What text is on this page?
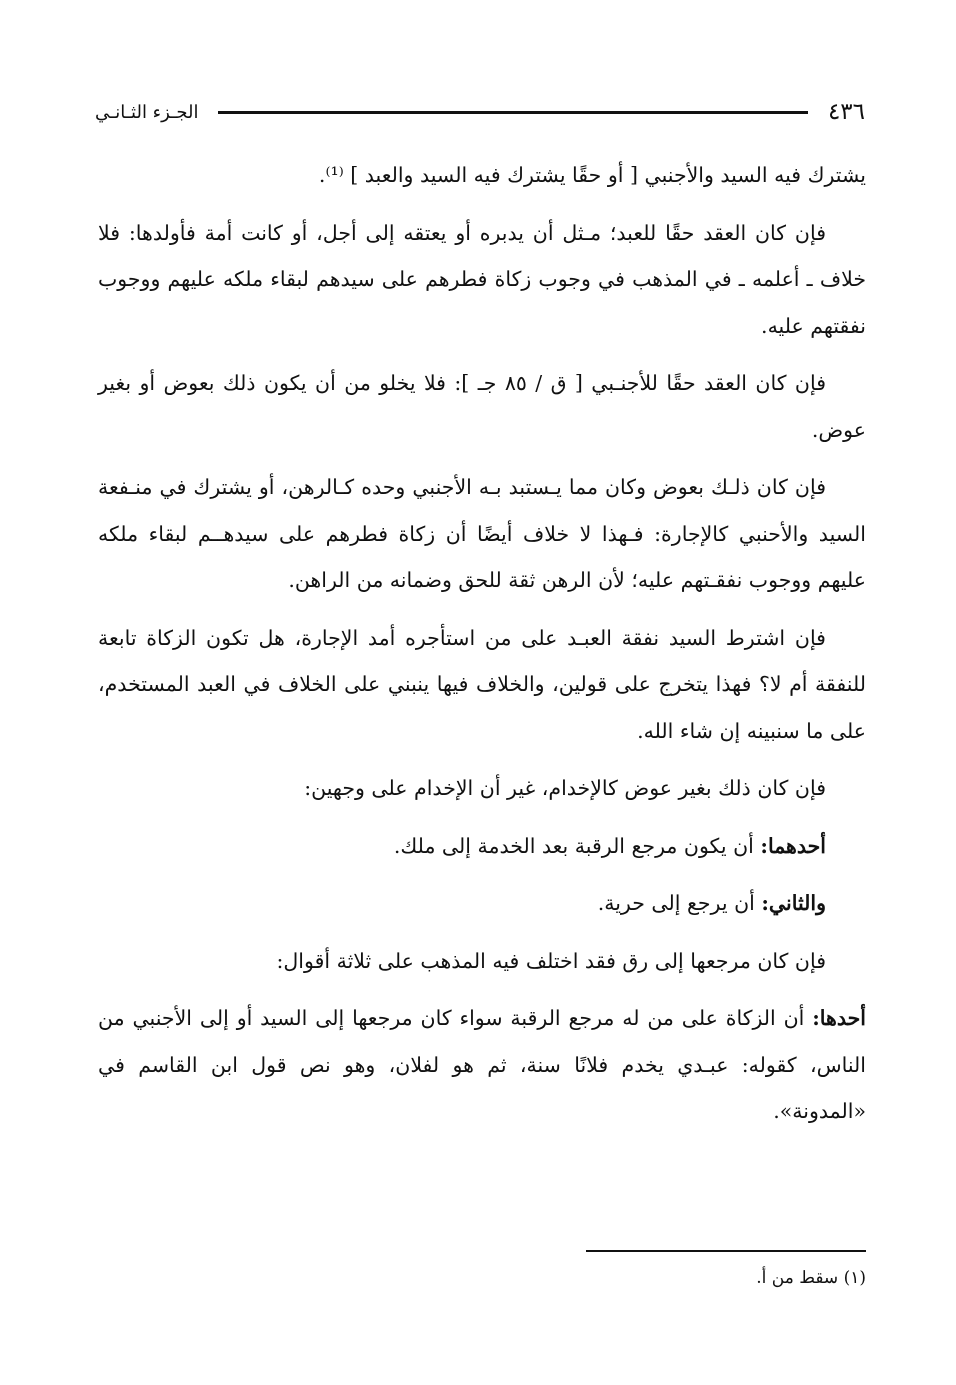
٤٣٦
الجـزء الثـانـي

يشترك فيه السيد والأجنبي [ أو حقًا يشترك فيه السيد والعبد ] ⁽¹⁾.

فإن كان العقد حقًا للعبد؛ مـثل أن يدبره أو يعتقه إلى أجل، أو كانت أمة فأولدها: فلا خلاف ـ أعلمه ـ في المذهب في وجوب زكاة فطرهم على سيدهم لبقاء ملكه عليهم ووجوب نفقتهم عليه.

فإن كان العقد حقًا للأجنـبي [ ق / ٨٥ جـ ]: فلا يخلو من أن يكون ذلك بعوض أو بغير عوض.

فإن كان ذلـك بعوض وكان مما يـستبد بـه الأجنبي وحده كـالرهن، أو يشترك في منـفعة السيد والأحنبي كالإجارة: فـهذا لا خلاف أيضًا أن زكاة فطرهم على سيدهــم لبقاء ملكه عليهم ووجوب نفقـتهم عليه؛ لأن الرهن ثقة للحق وضمانه من الراهن.

فإن اشترط السيد نفقة العبـد على من استأجره أمد الإجارة، هل تكون الزكاة تابعة للنفقة أم لا؟ فهذا يتخرج على قولين، والخلاف فيها ينبني على الخلاف في العبد المستخدم، على ما سنبينه إن شاء الله.

فإن كان ذلك بغير عوض كالإخدام، غير أن الإخدام على وجهين:

أحدهما: أن يكون مرجع الرقبة بعد الخدمة إلى ملك.

والثاني: أن يرجع إلى حرية.

فإن كان مرجعها إلى رق فقد اختلف فيه المذهب على ثلاثة أقوال:

أحدها: أن الزكاة على من له مرجع الرقبة سواء كان مرجعها إلى السيد أو إلى الأجنبي من الناس، كقوله: عبـدي يخدم فلانًا سنة، ثم هو لفلان، وهو نص قول ابن القاسم في «المدونة».

(١) سقط من أ.
